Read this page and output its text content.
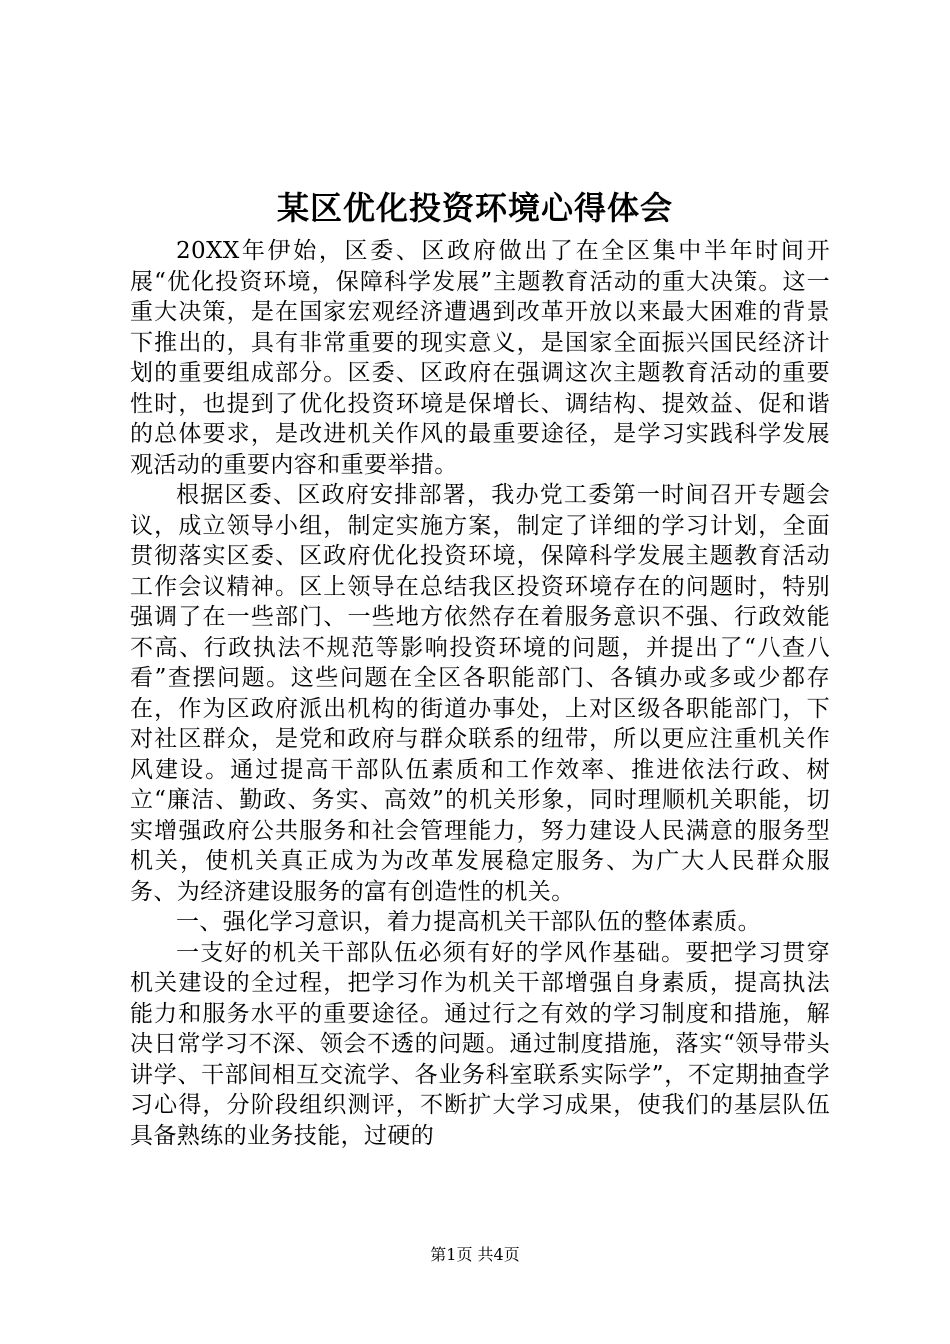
某区优化投资环境心得体会

20XX年伊始，区委、区政府做出了在全区集中半年时间开展“优化投资环境，保障科学发展”主题教育活动的重大决策。这一重大决策，是在国家宏观经济遭遇到改革开放以来最大困难的背景下推出的，具有非常重要的现实意义，是国家全面振兴国民经济计划的重要组成部分。区委、区政府在强调这次主题教育活动的重要性时，也提到了优化投资环境是保增长、调结构、提效益、促和谐的总体要求，是改进机关作风的最重要途径，是学习实践科学发展观活动的重要内容和重要举措。

根据区委、区政府安排部署，我办党工委第一时间召开专题会议，成立领导小组，制定实施方案，制定了详细的学习计划，全面贯彻落实区委、区政府优化投资环境，保障科学发展主题教育活动工作会议精神。区上领导在总结我区投资环境存在的问题时，特别强调了在一些部门、一些地方依然存在着服务意识不强、行政效能不高、行政执法不规范等影响投资环境的问题，并提出了“八查八看”查摆问题。这些问题在全区各职能部门、各镇办或多或少都存在，作为区政府派出机构的街道办事处，上对区级各职能部门，下对社区群众，是党和政府与群众联系的纽带，所以更应注重机关作风建设。通过提高干部队伍素质和工作效率、推进依法行政、树立“廉洁、勤政、务实、高效”的机关形象，同时理顺机关职能，切实增强政府公共服务和社会管理能力，努力建设人民满意的服务型机关，使机关真正成为为改革发展稳定服务、为广大人民群众服务、为经济建设服务的富有创造性的机关。

一、强化学习意识，着力提高机关干部队伍的整体素质。

一支好的机关干部队伍必须有好的学风作基础。要把学习贯穿机关建设的全过程，把学习作为机关干部增强自身素质，提高执法能力和服务水平的重要途径。通过行之有效的学习制度和措施，解决日常学习不深、领会不透的问题。通过制度措施，落实“领导带头讲学、干部间相互交流学、各业务科室联系实际学”，不定期抽查学习心得，分阶段组织测评，不断扩大学习成果，使我们的基层队伍具备熟练的业务技能，过硬的

第1页 共4页
